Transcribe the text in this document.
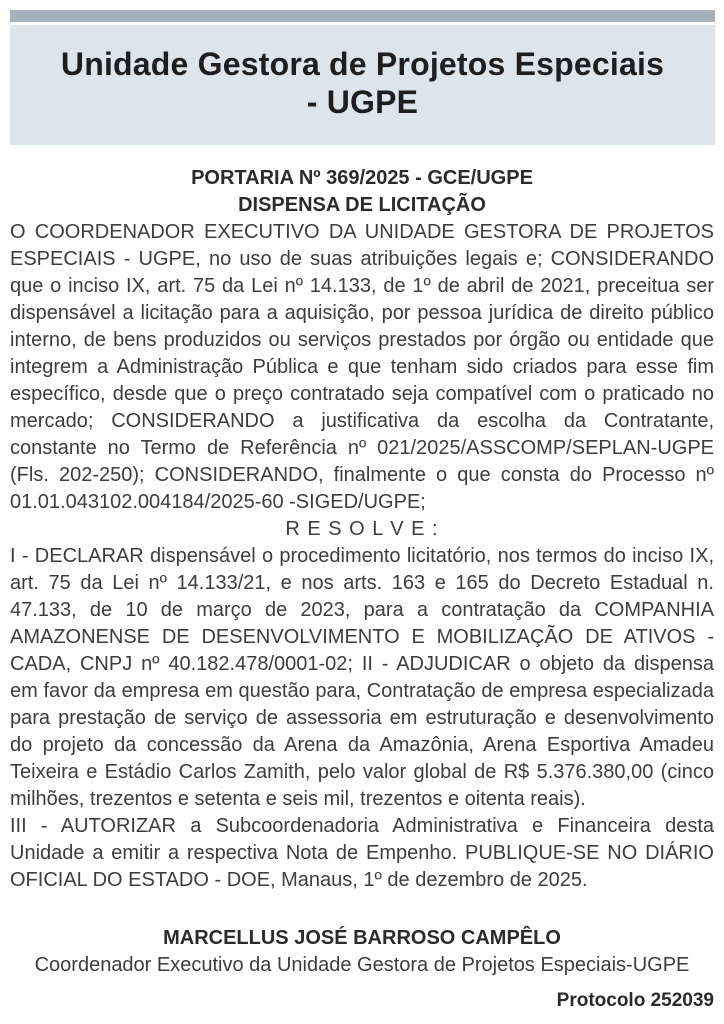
Unidade Gestora de Projetos Especiais
- UGPE
PORTARIA Nº 369/2025 - GCE/UGPE
DISPENSA DE LICITAÇÃO

O COORDENADOR EXECUTIVO DA UNIDADE GESTORA DE PROJETOS ESPECIAIS - UGPE, no uso de suas atribuições legais e; CONSIDERANDO que o inciso IX, art. 75 da Lei nº 14.133, de 1º de abril de 2021, preceitua ser dispensável a licitação para a aquisição, por pessoa jurídica de direito público interno, de bens produzidos ou serviços prestados por órgão ou entidade que integrem a Administração Pública e que tenham sido criados para esse fim específico, desde que o preço contratado seja compatível com o praticado no mercado; CONSIDERANDO a justificativa da escolha da Contratante, constante no Termo de Referência nº 021/2025/ASSCOMP/SEPLAN-UGPE (Fls. 202-250); CONSIDERANDO, finalmente o que consta do Processo nº 01.01.043102.004184/2025-60 -SIGED/UGPE;

R E S O L V E :

I - DECLARAR dispensável o procedimento licitatório, nos termos do inciso IX, art. 75 da Lei nº 14.133/21, e nos arts. 163 e 165 do Decreto Estadual n. 47.133, de 10 de março de 2023, para a contratação da COMPANHIA AMAZONENSE DE DESENVOLVIMENTO E MOBILIZAÇÃO DE ATIVOS - CADA, CNPJ nº 40.182.478/0001-02; II - ADJUDICAR o objeto da dispensa em favor da empresa em questão para, Contratação de empresa especializada para prestação de serviço de assessoria em estruturação e desenvolvimento do projeto da concessão da Arena da Amazônia, Arena Esportiva Amadeu Teixeira e Estádio Carlos Zamith, pelo valor global de R$ 5.376.380,00 (cinco milhões, trezentos e setenta e seis mil, trezentos e oitenta reais).

III - AUTORIZAR a Subcoordenadoria Administrativa e Financeira desta Unidade a emitir a respectiva Nota de Empenho. PUBLIQUE-SE NO DIÁRIO OFICIAL DO ESTADO - DOE, Manaus, 1º de dezembro de 2025.

MARCELLUS JOSÉ BARROSO CAMPÊLO
Coordenador Executivo da Unidade Gestora de Projetos Especiais-UGPE
Protocolo 252039
